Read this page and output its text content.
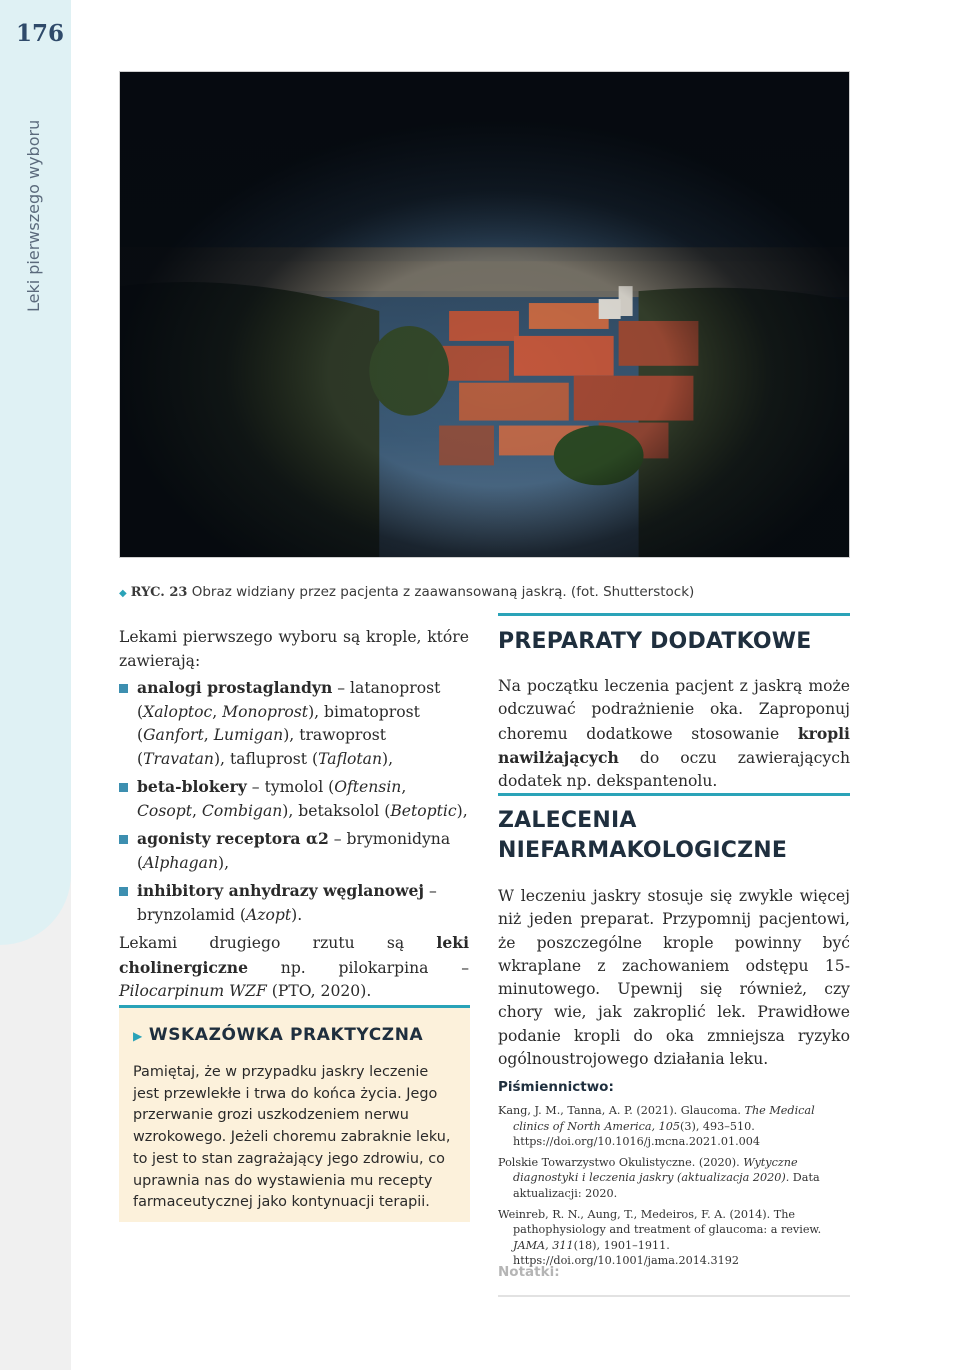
176
Leki pierwszego wyboru
◆ RYC. 23 Obraz widziany przez pacjenta z zaawansowaną jaskrą. (fot. Shutterstock)

Lekami pierwszego wyboru są krople, które zawierają:

analogi prostaglandyn – latanoprost (Xaloptoc, Monoprost), bimatoprost (Ganfort, Lumigan), trawoprost (Travatan), tafluprost (Taflotan),
beta-blokery – tymolol (Oftensin, Cosopt, Combigan), betaksolol (Betoptic),
agonisty receptora α2 – brymonidyna (Alphagan),
inhibitory anhydrazy węglanowej – brynzolamid (Azopt).

Lekami drugiego rzutu są leki cholinergiczne np. pilokarpina – Pilocarpinum WZF (PTO, 2020).

▶ WSKAZÓWKA PRAKTYCZNA
Pamiętaj, że w przypadku jaskry leczenie jest przewlekłe i trwa do końca życia. Jego przerwanie grozi uszkodzeniem nerwu wzrokowego. Jeżeli choremu zabraknie leku, to jest to stan zagrażający jego zdrowiu, co uprawnia nas do wystawienia mu recepty farmaceutycznej jako kontynuacji terapii.
PREPARATY DODATKOWE
Na początku leczenia pacjent z jaskrą może odczuwać podrażnienie oka. Zaproponuj choremu dodatkowe stosowanie kropli nawilżających do oczu zawierających dodatek np. dekspantenolu.
ZALECENIA
NIEFARMAKOLOGICZNE
W leczeniu jaskry stosuje się zwykle więcej niż jeden preparat. Przypomnij pacjentowi, że poszczególne krople powinny być wkraplane z zachowaniem odstępu 15-minutowego. Upewnij się również, czy chory wie, jak zakroplić lek. Prawidłowe podanie kropli do oka zmniejsza ryzyko ogólnoustrojowego działania leku.
Piśmiennictwo:
Kang, J. M., Tanna, A. P. (2021). Glaucoma. The Medical clinics of North America, 105(3), 493–510. https://doi.org/10.1016/j.mcna.2021.01.004
Polskie Towarzystwo Okulistyczne. (2020). Wytyczne diagnostyki i leczenia jaskry (aktualizacja 2020). Data aktualizacji: 2020.
Weinreb, R. N., Aung, T., Medeiros, F. A. (2014). The pathophysiology and treatment of glaucoma: a review. JAMA, 311(18), 1901–1911. https://doi.org/10.1001/jama.2014.3192
Notatki:
